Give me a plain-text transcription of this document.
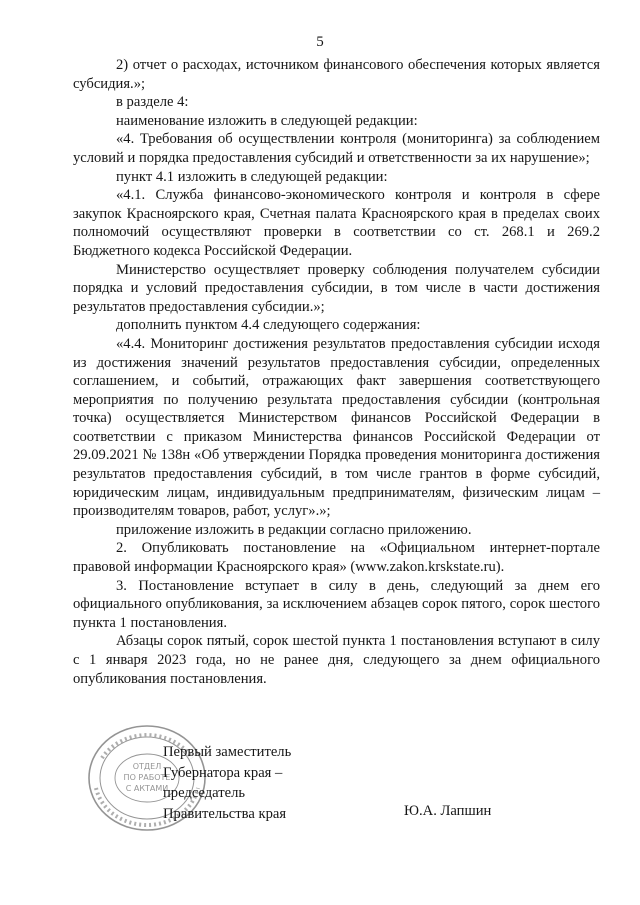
5

2) отчет о расходах, источником финансового обеспечения которых является субсидия.»;

в разделе 4:

наименование изложить в следующей редакции:

«4. Требования об осуществлении контроля (мониторинга) за соблюдением условий и порядка предоставления субсидий и ответственности за их нарушение»;

пункт 4.1 изложить в следующей редакции:

«4.1. Служба финансово-экономического контроля и контроля в сфере закупок Красноярского края, Счетная палата Красноярского края в пределах своих полномочий осуществляют проверки в соответствии со ст. 268.1 и 269.2 Бюджетного кодекса Российской Федерации.

Министерство осуществляет проверку соблюдения получателем субсидии порядка и условий предоставления субсидии, в том числе в части достижения результатов предоставления субсидии.»;

дополнить пунктом 4.4 следующего содержания:

«4.4. Мониторинг достижения результатов предоставления субсидии исходя из достижения значений результатов предоставления субсидии, определенных соглашением, и событий, отражающих факт завершения соответствующего мероприятия по получению результата предоставления субсидии (контрольная точка) осуществляется Министерством финансов Российской Федерации в соответствии с приказом Министерства финансов Российской Федерации от 29.09.2021 № 138н «Об утверждении Порядка проведения мониторинга достижения результатов предоставления субсидий, в том числе грантов в форме субсидий, юридическим лицам, индивидуальным предпринимателям, физическим лицам – производителям товаров, работ, услуг».»;

приложение изложить в редакции согласно приложению.

2. Опубликовать постановление на «Официальном интернет-портале правовой информации Красноярского края» (www.zakon.krskstate.ru).

3. Постановление вступает в силу в день, следующий за днем его официального опубликования, за исключением абзацев сорок пятого, сорок шестого пункта 1 постановления.

Абзацы сорок пятый, сорок шестой пункта 1 постановления вступают в силу с 1 января 2023 года, но не ранее дня, следующего за днем официального опубликования постановления.

ОТДЕЛ
ПО РАБОТЕ
С АКТАМИ
Первый заместитель
Губернатора края –
председатель
Правительства края	Ю.А. Лапшин
